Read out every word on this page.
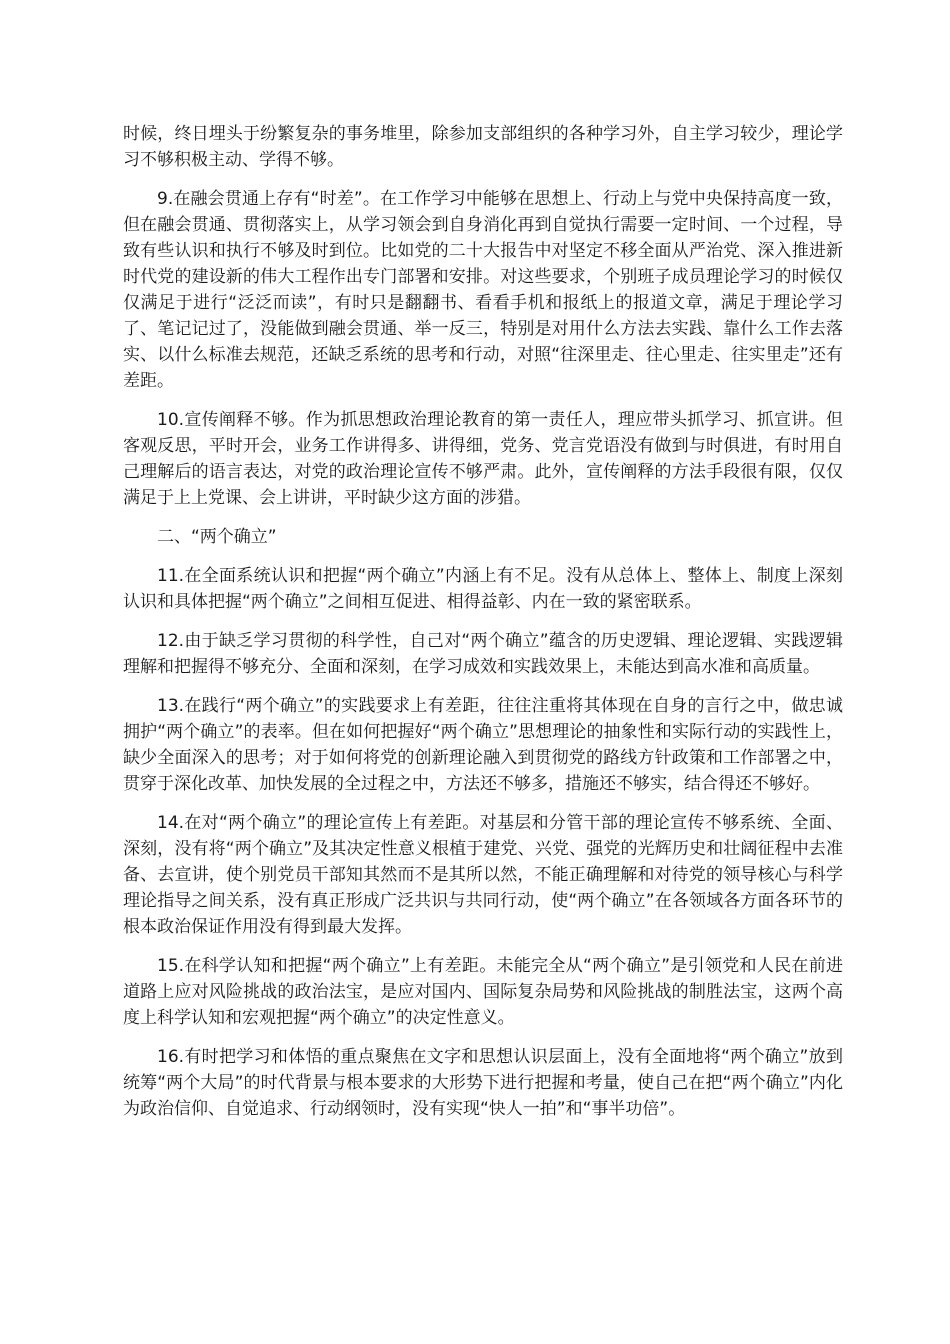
时候，终日埋头于纷繁复杂的事务堆里，除参加支部组织的各种学习外，自主学习较少，理论学习不够积极主动、学得不够。

9.在融会贯通上存有“时差”。在工作学习中能够在思想上、行动上与党中央保持高度一致，但在融会贯通、贯彻落实上，从学习领会到自身消化再到自觉执行需要一定时间、一个过程，导致有些认识和执行不够及时到位。比如党的二十大报告中对坚定不移全面从严治党、深入推进新时代党的建设新的伟大工程作出专门部署和安排。对这些要求，个别班子成员理论学习的时候仅仅满足于进行“泛泛而读”，有时只是翻翻书、看看手机和报纸上的报道文章，满足于理论学习了、笔记记过了，没能做到融会贯通、举一反三，特别是对用什么方法去实践、靠什么工作去落实、以什么标准去规范，还缺乏系统的思考和行动，对照“往深里走、往心里走、往实里走”还有差距。

10.宣传阐释不够。作为抓思想政治理论教育的第一责任人，理应带头抓学习、抓宣讲。但客观反思，平时开会，业务工作讲得多、讲得细，党务、党言党语没有做到与时俱进，有时用自己理解后的语言表达，对党的政治理论宣传不够严肃。此外，宣传阐释的方法手段很有限，仅仅满足于上上党课、会上讲讲，平时缺少这方面的涉猎。

二、“两个确立”

11.在全面系统认识和把握“两个确立”内涵上有不足。没有从总体上、整体上、制度上深刻认识和具体把握“两个确立”之间相互促进、相得益彰、内在一致的紧密联系。

12.由于缺乏学习贯彻的科学性，自己对“两个确立”蕴含的历史逻辑、理论逻辑、实践逻辑理解和把握得不够充分、全面和深刻，在学习成效和实践效果上，未能达到高水准和高质量。

13.在践行“两个确立”的实践要求上有差距，往往注重将其体现在自身的言行之中，做忠诚拥护“两个确立”的表率。但在如何把握好“两个确立”思想理论的抽象性和实际行动的实践性上，缺少全面深入的思考；对于如何将党的创新理论融入到贯彻党的路线方针政策和工作部署之中，贯穿于深化改革、加快发展的全过程之中，方法还不够多，措施还不够实，结合得还不够好。

14.在对“两个确立”的理论宣传上有差距。对基层和分管干部的理论宣传不够系统、全面、深刻，没有将“两个确立”及其决定性意义根植于建党、兴党、强党的光辉历史和壮阔征程中去准备、去宣讲，使个别党员干部知其然而不是其所以然，不能正确理解和对待党的领导核心与科学理论指导之间关系，没有真正形成广泛共识与共同行动，使“两个确立”在各领域各方面各环节的根本政治保证作用没有得到最大发挥。

15.在科学认知和把握“两个确立”上有差距。未能完全从“两个确立”是引领党和人民在前进道路上应对风险挑战的政治法宝，是应对国内、国际复杂局势和风险挑战的制胜法宝，这两个高度上科学认知和宏观把握“两个确立”的决定性意义。

16.有时把学习和体悟的重点聚焦在文字和思想认识层面上，没有全面地将“两个确立”放到统筹“两个大局”的时代背景与根本要求的大形势下进行把握和考量，使自己在把“两个确立”内化为政治信仰、自觉追求、行动纲领时，没有实现“快人一拍”和“事半功倍”。
